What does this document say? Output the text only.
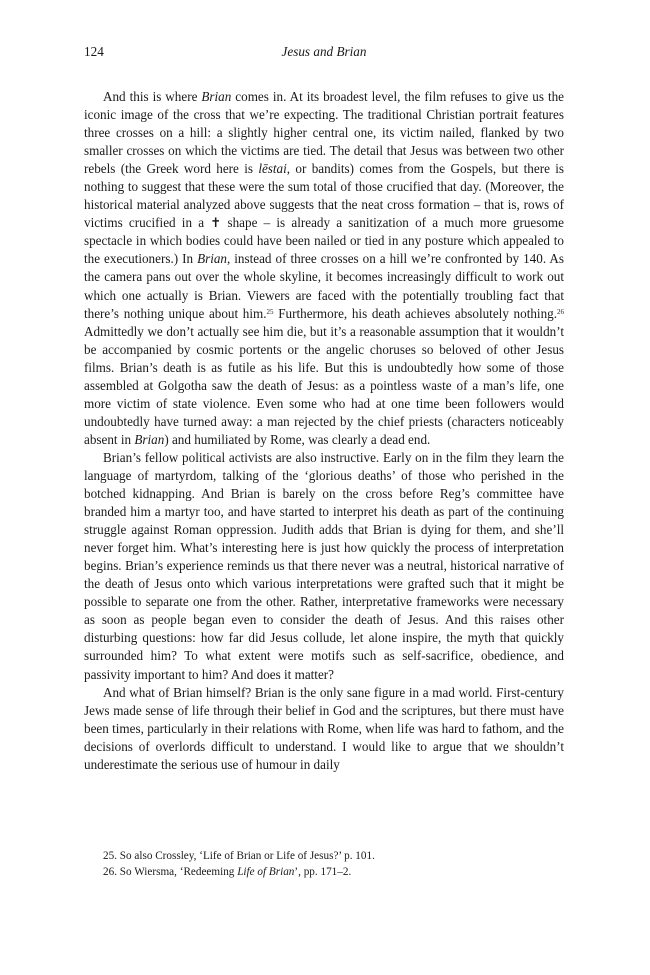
124	Jesus and Brian

And this is where Brian comes in. At its broadest level, the film refuses to give us the iconic image of the cross that we’re expecting. The traditional Christian portrait features three crosses on a hill: a slightly higher central one, its victim nailed, flanked by two smaller crosses on which the victims are tied. The detail that Jesus was between two other rebels (the Greek word here is lēstai, or bandits) comes from the Gospels, but there is nothing to suggest that these were the sum total of those crucified that day. (Moreover, the historical material analyzed above suggests that the neat cross formation – that is, rows of victims crucified in a ✝ shape – is already a sanitization of a much more gruesome spectacle in which bodies could have been nailed or tied in any posture which appealed to the executioners.) In Brian, instead of three crosses on a hill we’re confronted by 140. As the camera pans out over the whole skyline, it becomes increasingly difficult to work out which one actually is Brian. Viewers are faced with the potentially troubling fact that there’s nothing unique about him.$^{25}$ Furthermore, his death achieves absolutely nothing.$^{26}$ Admittedly we don’t actually see him die, but it’s a reasonable assumption that it wouldn’t be accompanied by cosmic portents or the angelic choruses so beloved of other Jesus films. Brian’s death is as futile as his life. But this is undoubtedly how some of those assembled at Golgotha saw the death of Jesus: as a pointless waste of a man’s life, one more victim of state violence. Even some who had at one time been followers would undoubtedly have turned away: a man rejected by the chief priests (characters noticeably absent in Brian) and humiliated by Rome, was clearly a dead end.

Brian’s fellow political activists are also instructive. Early on in the film they learn the language of martyrdom, talking of the ‘glorious deaths’ of those who perished in the botched kidnapping. And Brian is barely on the cross before Reg’s committee have branded him a martyr too, and have started to interpret his death as part of the continuing struggle against Roman oppression. Judith adds that Brian is dying for them, and she’ll never forget him. What’s interesting here is just how quickly the process of interpretation begins. Brian’s experience reminds us that there never was a neutral, historical narrative of the death of Jesus onto which various interpretations were grafted such that it might be possible to separate one from the other. Rather, interpretative frameworks were necessary as soon as people began even to consider the death of Jesus. And this raises other disturbing questions: how far did Jesus collude, let alone inspire, the myth that quickly surrounded him? To what extent were motifs such as self-sacrifice, obedience, and passivity important to him? And does it matter?

And what of Brian himself? Brian is the only sane figure in a mad world. First-century Jews made sense of life through their belief in God and the scriptures, but there must have been times, particularly in their relations with Rome, when life was hard to fathom, and the decisions of overlords difficult to understand. I would like to argue that we shouldn’t underestimate the serious use of humour in daily

25. So also Crossley, ‘Life of Brian or Life of Jesus?’ p. 101.
26. So Wiersma, ‘Redeeming Life of Brian’, pp. 171–2.
